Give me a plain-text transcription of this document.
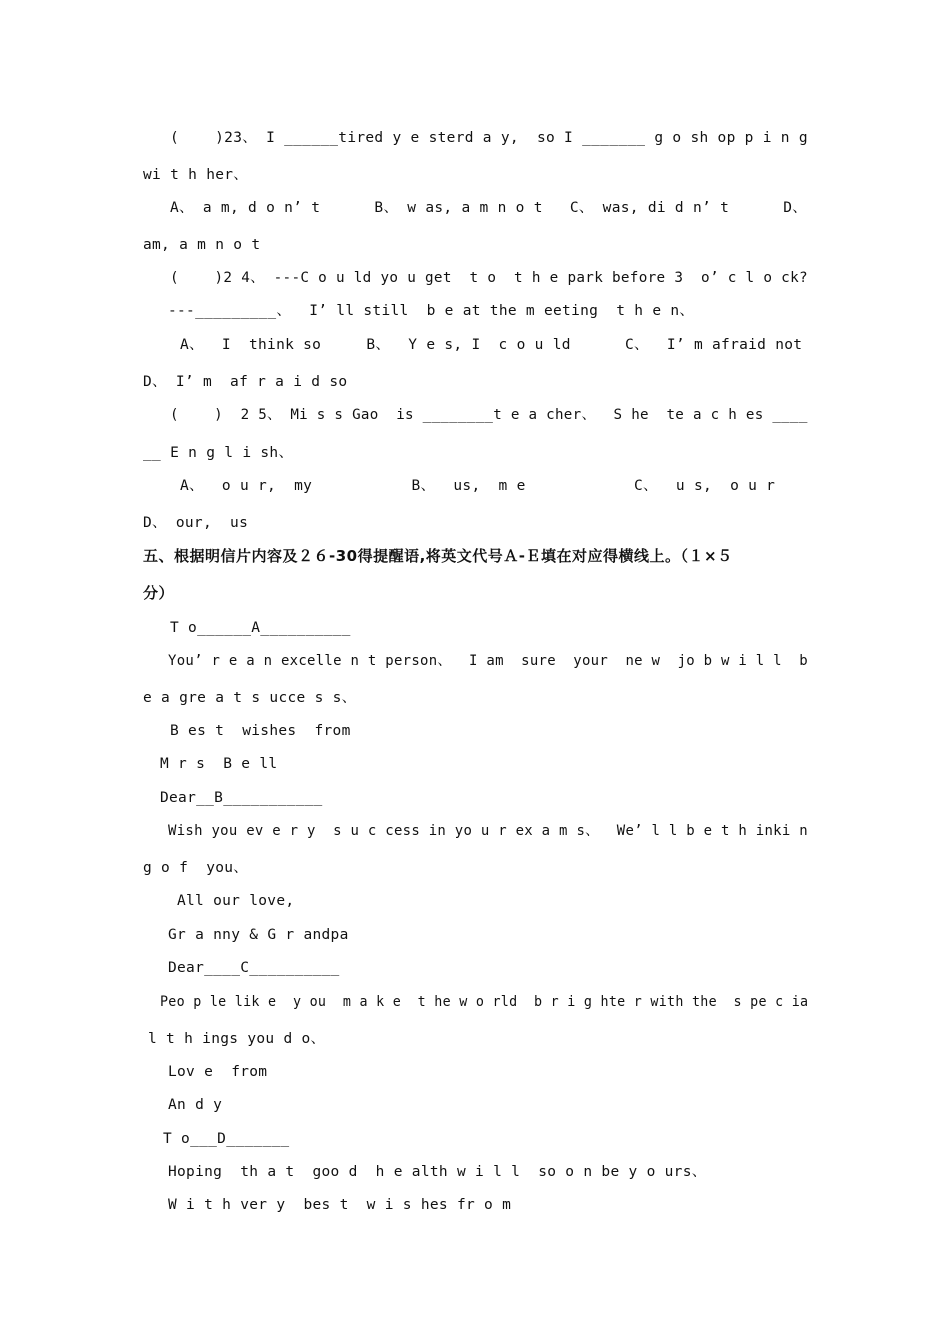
(    )23、 I ______tired y e sterd a y,  so I _______ g o sh op p i n g
wi t h her、
A、 a m, d o n’ t      B、 w as, a m n o t   C、 was, di d n’ t      D、
am, a m n o t
(    )2 4、 ---C o u ld yo u get  t o  t h e park before 3  o’ c l o ck?
---_________、  I’ ll still  b e at the m eeting  t h e n、
A、  I  think so     B、  Y e s, I  c o u ld      C、  I’ m afraid not
D、 I’ m  af r a i d so
(    )  2 5、 Mi s s Gao  is ________t e a cher、  S he  te a c h es ____
__ E n g l i sh、
A、  o u r,  my           B、  us,  m e            C、  u s,  o u r
D、 our,  us
五、根据明信片内容及２６-30得提醒语,将英文代号Ａ-Ｅ填在对应得横线上。（１×５
分）
T o______A__________
You’ r e a n excelle n t person、  I am  sure  your  ne w  jo b w i l l  b
e a gre a t s ucce s s、
B es t  wishes  from
M r s  B e ll
Dear__B___________
Wish you ev e r y  s u c cess in yo u r ex a m s、  We’ l l b e t h inki n
g o f  you、
All our love,
Gr a nny & G r andpa
Dear____C__________
Peo p le lik e  y ou  m a k e  t he w o rld  b r i g hte r with the  s pe c ia
l t h ings you d o、
Lov e  from
An d y
T o___D_______
Hoping  th a t  goo d  h e alth w i l l  so o n be y o urs、
W i t h ver y  bes t  w i s hes fr o m
